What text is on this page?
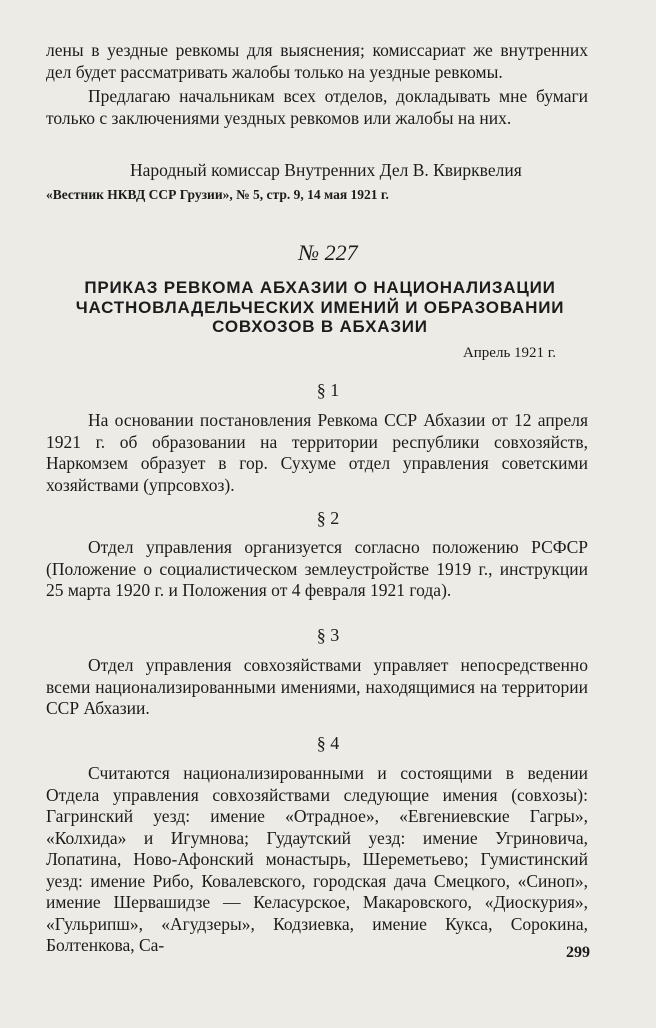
лены в уездные ревкомы для выяснения; комиссариат же внутренних дел будет рассматривать жалобы только на уездные ревкомы.

Предлагаю начальникам всех отделов, докладывать мне бумаги только с заключениями уездных ревкомов или жалобы на них.

Народный комиссар Внутренних Дел В. Квирквелия
«Вестник НКВД ССР Грузии», № 5, стр. 9, 14 мая 1921 г.
№ 227
ПРИКАЗ РЕВКОМА АБХАЗИИ О НАЦИОНАЛИЗАЦИИ
ЧАСТНОВЛАДЕЛЬЧЕСКИХ ИМЕНИЙ И ОБРАЗОВАНИИ
СОВХОЗОВ В АБХАЗИИ
Апрель 1921 г.
§ 1

На основании постановления Ревкома ССР Абхазии от 12 апреля 1921 г. об образовании на территории республики совхозяйств, Наркомзем образует в гор. Сухуме отдел управления советскими хозяйствами (упрсовхоз).

§ 2

Отдел управления организуется согласно положению РСФСР (Положение о социалистическом землеустройстве 1919 г., инструкции 25 марта 1920 г. и Положения от 4 февраля 1921 года).

§ 3

Отдел управления совхозяйствами управляет непосредственно всеми национализированными имениями, находящимися на территории ССР Абхазии.

§ 4

Считаются национализированными и состоящими в ведении Отдела управления совхозяйствами следующие имения (совхозы): Гагринский уезд: имение «Отрадное», «Евгениевские Гагры», «Колхида» и Игумнова; Гудаутский уезд: имение Угриновича, Лопатина, Ново-Афонский монастырь, Шереметьево; Гумистинский уезд: имение Рибо, Ковалевского, городская дача Смецкого, «Синоп», имение Шервашидзе — Келасурское, Макаровского, «Диоскурия», «Гульрипш», «Агудзеры», Кодзиевка, имение Кукса, Сорокина, Болтенкова, Са-	299
